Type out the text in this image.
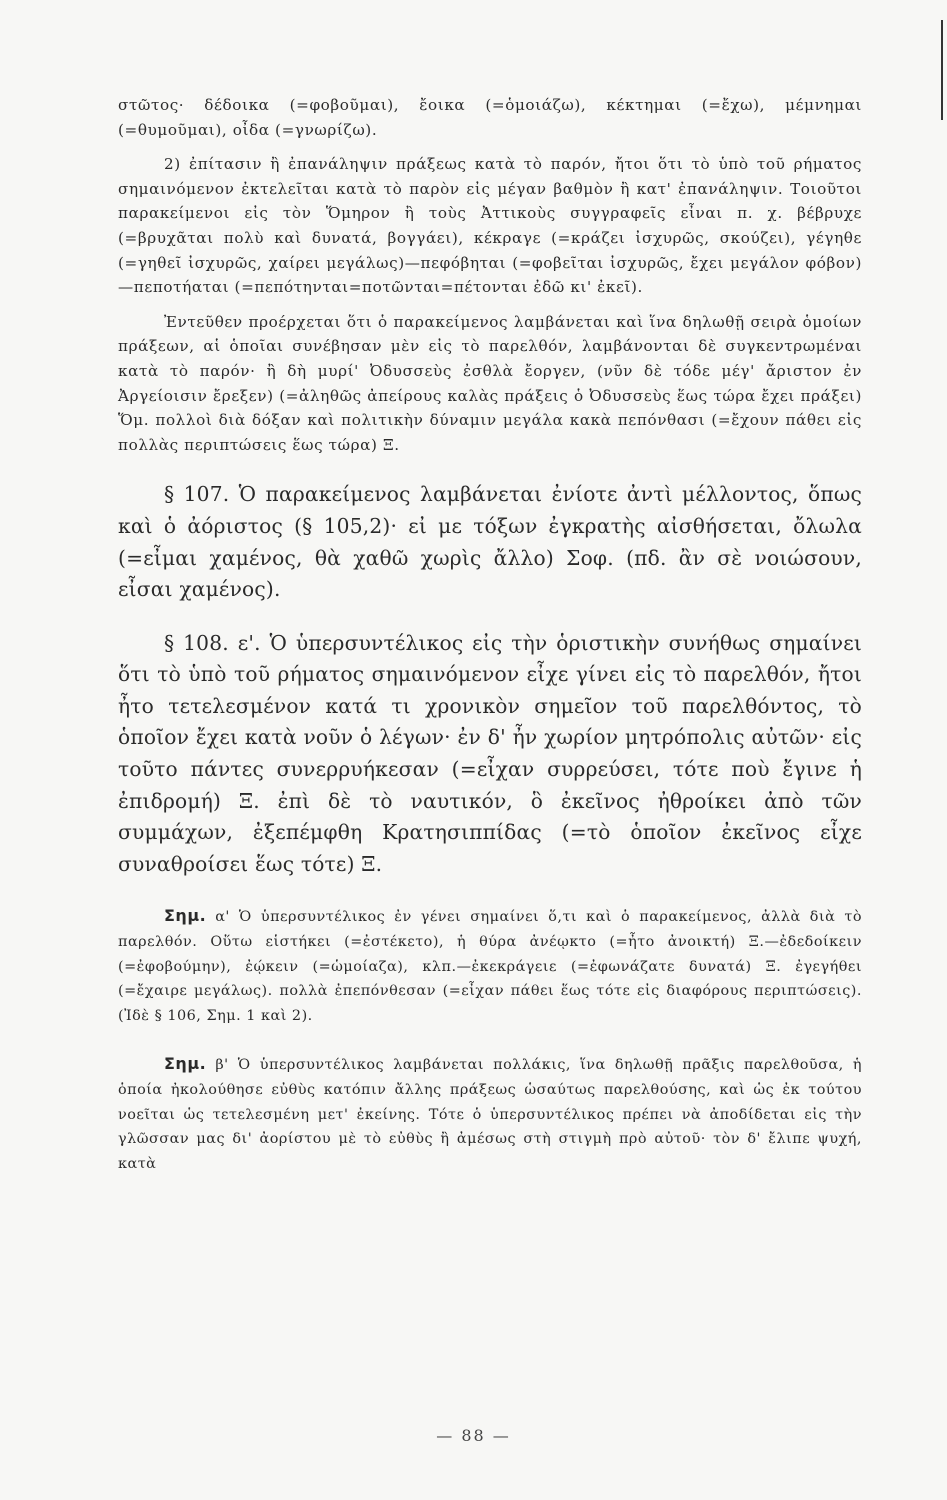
στῶτος· δέδοικα (=φοβοῦμαι), ἔοικα (=ὁμοιάζω), κέκτημαι (=ἔχω), μέμνημαι (=θυμοῦμαι), οἶδα (=γνωρίζω).

2) ἐπίτασιν ἢ ἐπανάληψιν πράξεως κατὰ τὸ παρόν, ἤτοι ὅτι τὸ ὑπὸ τοῦ ρήματος σημαινόμενον ἐκτελεῖται κατὰ τὸ παρὸν εἰς μέγαν βαθμὸν ἢ κατ' ἐπανάληψιν. Τοιοῦτοι παρακείμενοι εἰς τὸν Ὅμηρον ἢ τοὺς Ἀττικοὺς συγγραφεῖς εἶναι π. χ. βέβρυχε (=βρυχᾶται πολὺ καὶ δυνατά, βογγάει), κέκραγε (=κράζει ἰσχυρῶς, σκούζει), γέγηθε (=γηθεῖ ἰσχυρῶς, χαίρει μεγάλως)—πεφόβηται (=φοβεῖται ἰσχυρῶς, ἔχει μεγάλον φόβον)—πεποτήαται (=πεπότηνται=ποτῶνται=πέτονται ἐδῶ κι' ἐκεῖ).

Ἐντεῦθεν προέρχεται ὅτι ὁ παρακείμενος λαμβάνεται καὶ ἵνα δηλωθῇ σειρὰ ὁμοίων πράξεων, αἱ ὁποῖαι συνέβησαν μὲν εἰς τὸ παρελθόν, λαμβάνονται δὲ συγκεντρωμέναι κατὰ τὸ παρόν· ἢ δὴ μυρί' Ὀδυσσεὺς ἐσθλὰ ἔοργεν, (νῦν δὲ τόδε μέγ' ἄριστον ἐν Ἀργείοισιν ἔρεξεν) (=ἀληθῶς ἀπείρους καλὰς πράξεις ὁ Ὀδυσσεὺς ἕως τώρα ἔχει πράξει) Ὅμ. πολλοὶ διὰ δόξαν καὶ πολιτικὴν δύναμιν μεγάλα κακὰ πεπόνθασι (=ἔχουν πάθει εἰς πολλὰς περιπτώσεις ἕως τώρα) Ξ.

§ 107. Ὁ παρακείμενος λαμβάνεται ἐνίοτε ἀντὶ μέλλοντος, ὅπως καὶ ὁ ἀόριστος (§ 105,2)· εἰ με τόξων ἐγκρατὴς αἰσθήσεται, ὄλωλα (=εἶμαι χαμένος, θὰ χαθῶ χωρὶς ἄλλο) Σοφ. (πδ. ἂν σὲ νοιώσουν, εἶσαι χαμένος).

§ 108. ε'. Ὁ ὑπερσυντέλικος εἰς τὴν ὁριστικὴν συνήθως σημαίνει ὅτι τὸ ὑπὸ τοῦ ρήματος σημαινόμενον εἶχε γίνει εἰς τὸ παρελθόν, ἤτοι ἦτο τετελεσμένον κατά τι χρονικὸν σημεῖον τοῦ παρελθόντος, τὸ ὁποῖον ἔχει κατὰ νοῦν ὁ λέγων· ἐν δ' ἦν χωρίον μητρόπολις αὐτῶν· εἰς τοῦτο πάντες συνερρυήκεσαν (=εἶχαν συρρεύσει, τότε ποὺ ἔγινε ἡ ἐπιδρομή) Ξ. ἐπὶ δὲ τὸ ναυτικόν, ὃ ἐκεῖνος ἠθροίκει ἀπὸ τῶν συμμάχων, ἐξεπέμφθη Κρατησιππίδας (=τὸ ὁποῖον ἐκεῖνος εἶχε συναθροίσει ἕως τότε) Ξ.

Σημ. α' Ὁ ὑπερσυντέλικος ἐν γένει σημαίνει ὅ,τι καὶ ὁ παρακείμενος, ἀλλὰ διὰ τὸ παρελθόν. Οὕτω εἱστήκει (=ἐστέκετο), ἡ θύρα ἀνέῳκτο (=ἦτο ἀνοικτή) Ξ.—ἐδεδοίκειν (=ἐφοβούμην), ἐῴκειν (=ὡμοίαζα), κλπ.—ἐκεκράγειε (=ἐφωνάζατε δυνατά) Ξ. ἐγεγήθει (=ἔχαιρε μεγάλως). πολλὰ ἐπεπόνθεσαν (=εἶχαν πάθει ἕως τότε εἰς διαφόρους περιπτώσεις). (Ἰδὲ § 106, Σημ. 1 καὶ 2).

Σημ. β' Ὁ ὑπερσυντέλικος λαμβάνεται πολλάκις, ἵνα δηλωθῇ πρᾶξις παρελθοῦσα, ἡ ὁποία ἠκολούθησε εὐθὺς κατόπιν ἄλλης πράξεως ὡσαύτως παρελθούσης, καὶ ὡς ἐκ τούτου νοεῖται ὡς τετελεσμένη μετ' ἐκείνης. Τότε ὁ ὑπερσυντέλικος πρέπει νὰ ἀποδίδεται εἰς τὴν γλῶσσαν μας δι' ἀορίστου μὲ τὸ εὐθὺς ἢ ἀμέσως στὴ στιγμὴ πρὸ αὐτοῦ· τὸν δ' ἔλιπε ψυχή, κατὰ

— 88 —
